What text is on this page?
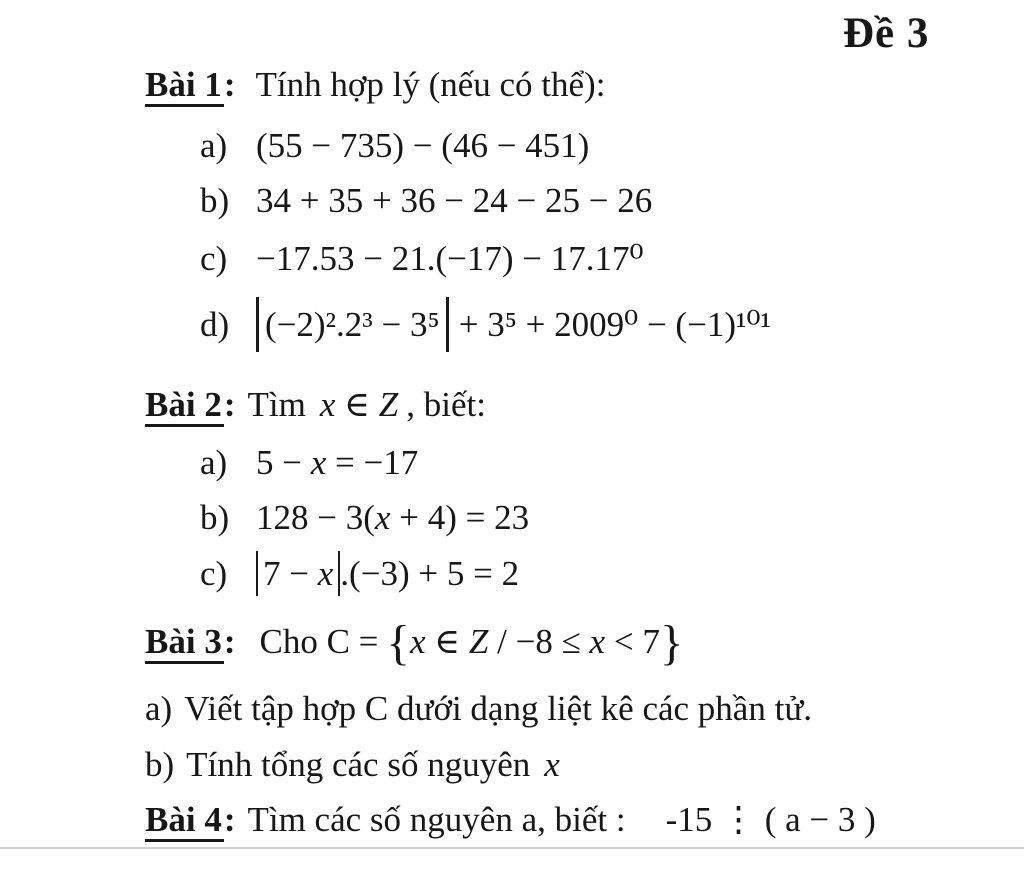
Đề 3
Bài 1: Tính hợp lý (nếu có thể):
a) (55 − 735) − (46 − 451)
b) 34 + 35 + 36 − 24 − 25 − 26
c) −17.53 − 21.(−17) − 17.17⁰
d) (−2)².2³ − 3⁵ + 3⁵ + 2009⁰ − (−1)¹⁰¹
Bài 2: Tìm x ∈ Z , biết:
a) 5 − x = −17
b) 128 − 3(x + 4) = 23
c) 7 − x .(−3) + 5 = 2
Bài 3: Cho C = {x ∈ Z / −8 ≤ x < 7}
a) Viết tập hợp C dưới dạng liệt kê các phần tử.
b) Tính tổng các số nguyên x
Bài 4: Tìm các số nguyên a, biết : -15 ⋮ ( a − 3 )
